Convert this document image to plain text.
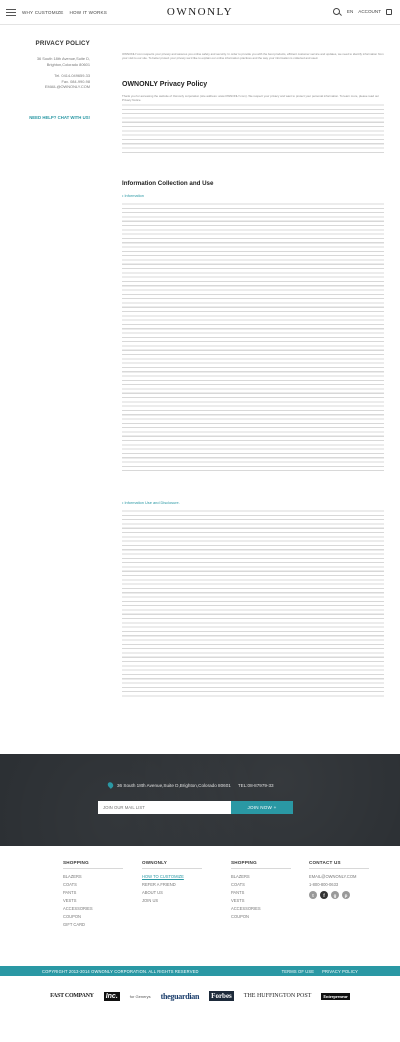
WHY CUSTOMIZE HOW IT WORKS	OWNONLY	EN ACCOUNT
PRIVACY POLICY
36 South 18th Avenue,Suite D,
Brighton,Colorado 80601
Tel. 0414-049659-33
Fax. 084-990-98
EMAIL@OWNONLY.COM
NEED HELP? CHAT WITH US!
OWNONLY.com respects your privacy and assures you online safety and security. In order to provide you with the best products, efficient customer service and updates, we need to identify information from your visit to our site. To better protect your privacy we'd like to explain our online information practices and the way your information is collected and used.
OWNONLY Privacy Policy
Thank you for accessing the website of Ownonly corporation (site address: www.OWNONLY.com). We respect your privacy and want to protect your personal information. To learn more, please read our Privacy Notice.
Information Collection and Use
• Information
• Information Use and Disclosure.
36 South 18th Avenue,Suite D,Brighton,Colorado 80601 TEL:08-87979-33
JOIN OUR MAIL LIST
JOIN NOW +
SHOPPING
BLAZERS
COATS
PANTS
VESTS
ACCESSORIES
COUPON
GIFT CARD
OWNONLY
HOW TO CUSTOMIZE
REFER A FRIEND
ABOUT US
JOIN US
SHOPPING
BLAZERS
COATS
PANTS
VESTS
ACCESSORIES
COUPON
CONTACT US
EMAIL@OWNONLY.COM
1-800-800-0633
t	f	g	p
COPYRIGHT 2013-2014 OWNONLY CORPORATION. ALL RIGHTS RESERVED	TERMS OF USE PRIVACY POLICY
FAST COMPANY Inc.	for Generys theguardian Forbes	THE HUFFINGTON POST	Entrepreneur
